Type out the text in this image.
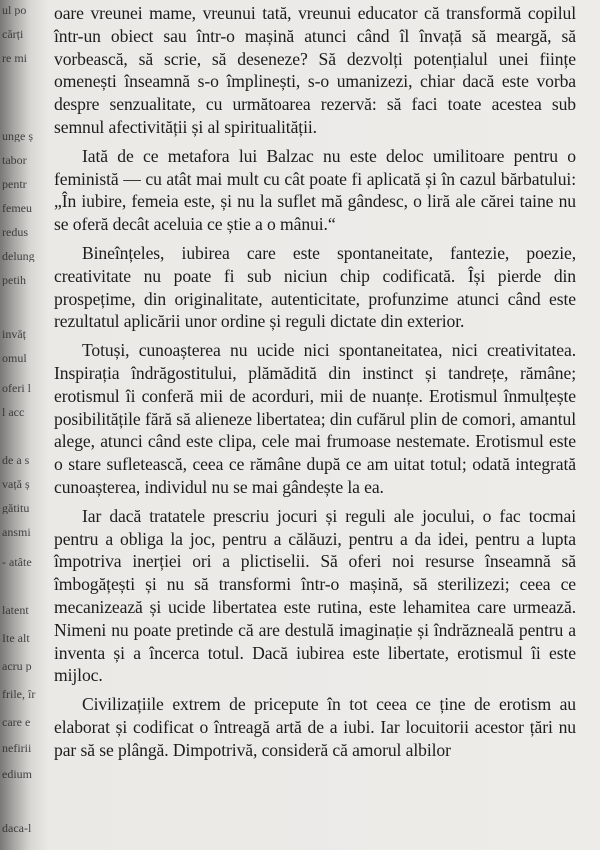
ul po
cărți
re mi
unge ș
tabor
pentr
femeu
redus
delung
petih
invăț
omul
oferi l
l acc
de a s
vață ș
gătitu
ansmi
- atâte
latent
Ite alt
acru p
frile, îr
care e
nefirii
edium
daca-l

oare vreunei mame, vreunui tată, vreunui educator că transformă copilul într-un obiect sau într-o mașină atunci când îl învață să meargă, să vorbească, să scrie, să deseneze? Să dezvolți potențialul unei ființe omenești înseamnă s-o împlinești, s-o umanizezi, chiar dacă este vorba despre senzualitate, cu următoarea rezervă: să faci toate acestea sub semnul afectivității și al spiritualității.

Iată de ce metafora lui Balzac nu este deloc umilitoare pentru o feministă — cu atât mai mult cu cât poate fi aplicată și în cazul bărbatului: „În iubire, femeia este, și nu la suflet mă gândesc, o liră ale cărei taine nu se oferă decât aceluia ce știe a o mânui.“

Bineînțeles, iubirea care este spontaneitate, fantezie, poezie, creativitate nu poate fi sub niciun chip codificată. Își pierde din prospețime, din originalitate, autenticitate, profunzime atunci când este rezultatul aplicării unor ordine și reguli dictate din exterior.

Totuși, cunoașterea nu ucide nici spontaneitatea, nici creativitatea. Inspirația îndrăgostitului, plămădită din instinct și tandrețe, rămâne; erotismul îi conferă mii de acorduri, mii de nuanțe. Erotismul înmulțește posibilitățile fără să alieneze libertatea; din cufărul plin de comori, amantul alege, atunci când este clipa, cele mai frumoase nestemate. Erotismul este o stare sufletească, ceea ce rămâne după ce am uitat totul; odată integrată cunoașterea, individul nu se mai gândește la ea.

Iar dacă tratatele prescriu jocuri și reguli ale jocului, o fac tocmai pentru a obliga la joc, pentru a călăuzi, pentru a da idei, pentru a lupta împotriva inerției ori a plictiselii. Să oferi noi resurse înseamnă să îmbogățești și nu să transformi într-o mașină, să sterilizezi; ceea ce mecanizează și ucide libertatea este rutina, este lehamitea care urmează. Nimeni nu poate pretinde că are destulă imaginație și îndrăzneală pentru a inventa și a încerca totul. Dacă iubirea este libertate, erotismul îi este mijloc.

Civilizațiile extrem de pricepute în tot ceea ce ține de erotism au elaborat și codificat o întreagă artă de a iubi. Iar locuitorii acestor țări nu par să se plângă. Dimpotrivă, consideră că amorul albilor
